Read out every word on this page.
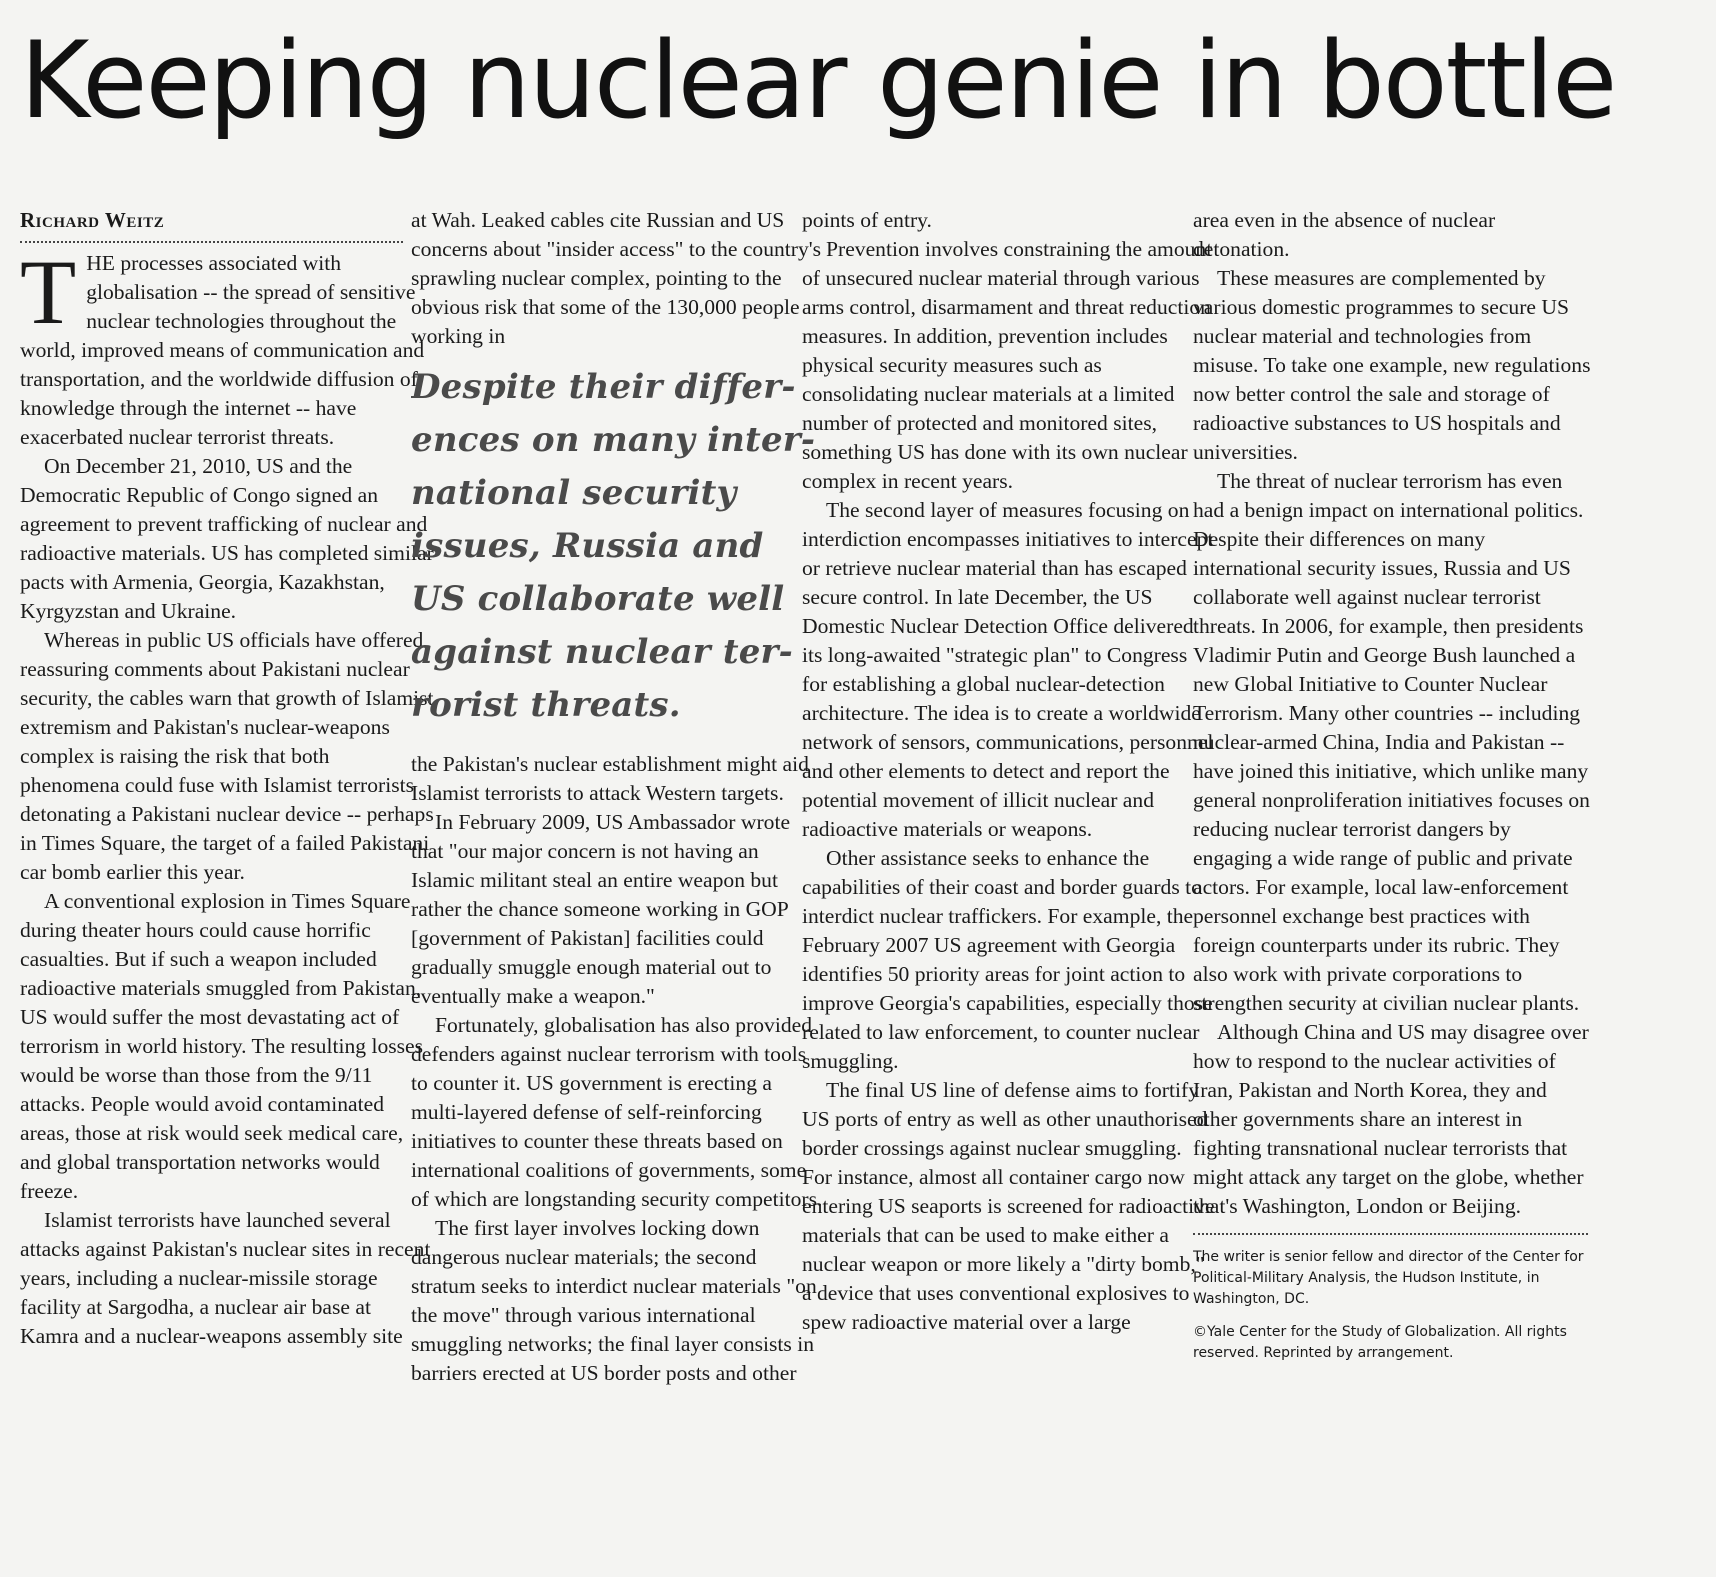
Keeping nuclear genie in bottle
Richard Weitz

THE processes associated with globalisation -- the spread of sensitive nuclear technologies throughout the world, improved means of communication and transportation, and the worldwide diffusion of knowledge through the internet -- have exacerbated nuclear terrorist threats.

On December 21, 2010, US and the Democratic Republic of Congo signed an agreement to prevent trafficking of nuclear and radioactive materials. US has completed similar pacts with Armenia, Georgia, Kazakhstan, Kyrgyzstan and Ukraine.

Whereas in public US officials have offered reassuring comments about Pakistani nuclear security, the cables warn that growth of Islamist extremism and Pakistan's nuclear-weapons complex is raising the risk that both phenomena could fuse with Islamist terrorists detonating a Pakistani nuclear device -- perhaps in Times Square, the target of a failed Pakistani car bomb earlier this year.

A conventional explosion in Times Square during theater hours could cause horrific casualties. But if such a weapon included radioactive materials smuggled from Pakistan, US would suffer the most devastating act of terrorism in world history. The resulting losses would be worse than those from the 9/11 attacks. People would avoid contaminated areas, those at risk would seek medical care, and global transportation networks would freeze.

Islamist terrorists have launched several attacks against Pakistan's nuclear sites in recent years, including a nuclear-missile storage facility at Sargodha, a nuclear air base at Kamra and a nuclear-weapons assembly site

at Wah. Leaked cables cite Russian and US concerns about "insider access" to the country's sprawling nuclear complex, pointing to the obvious risk that some of the 130,000 people working in

Despite their differ-
ences on many inter-
national security
issues, Russia and
US collaborate well
against nuclear ter-
rorist threats.

the Pakistan's nuclear establishment might aid Islamist terrorists to attack Western targets.

In February 2009, US Ambassador wrote that "our major concern is not having an Islamic militant steal an entire weapon but rather the chance someone working in GOP [government of Pakistan] facilities could gradually smuggle enough material out to eventually make a weapon."

Fortunately, globalisation has also provided defenders against nuclear terrorism with tools to counter it. US government is erecting a multi-layered defense of self-reinforcing initiatives to counter these threats based on international coalitions of governments, some of which are longstanding security competitors.

The first layer involves locking down dangerous nuclear materials; the second stratum seeks to interdict nuclear materials "on the move" through various international smuggling networks; the final layer consists in barriers erected at US border posts and other

points of entry.

Prevention involves constraining the amount of unsecured nuclear material through various arms control, disarmament and threat reduction measures. In addition, prevention includes physical security measures such as consolidating nuclear materials at a limited number of protected and monitored sites, something US has done with its own nuclear complex in recent years.

The second layer of measures focusing on interdiction encompasses initiatives to intercept or retrieve nuclear material than has escaped secure control. In late December, the US Domestic Nuclear Detection Office delivered its long-awaited "strategic plan" to Congress for establishing a global nuclear-detection architecture. The idea is to create a worldwide network of sensors, communications, personnel and other elements to detect and report the potential movement of illicit nuclear and radioactive materials or weapons.

Other assistance seeks to enhance the capabilities of their coast and border guards to interdict nuclear traffickers. For example, the February 2007 US agreement with Georgia identifies 50 priority areas for joint action to improve Georgia's capabilities, especially those related to law enforcement, to counter nuclear smuggling.

The final US line of defense aims to fortify US ports of entry as well as other unauthorised border crossings against nuclear smuggling. For instance, almost all container cargo now entering US seaports is screened for radioactive materials that can be used to make either a nuclear weapon or more likely a "dirty bomb," a device that uses conventional explosives to spew radioactive material over a large

area even in the absence of nuclear detonation.

These measures are complemented by various domestic programmes to secure US nuclear material and technologies from misuse. To take one example, new regulations now better control the sale and storage of radioactive substances to US hospitals and universities.

The threat of nuclear terrorism has even had a benign impact on international politics. Despite their differences on many international security issues, Russia and US collaborate well against nuclear terrorist threats. In 2006, for example, then presidents Vladimir Putin and George Bush launched a new Global Initiative to Counter Nuclear Terrorism. Many other countries -- including nuclear-armed China, India and Pakistan -- have joined this initiative, which unlike many general nonproliferation initiatives focuses on reducing nuclear terrorist dangers by engaging a wide range of public and private actors. For example, local law-enforcement personnel exchange best practices with foreign counterparts under its rubric. They also work with private corporations to strengthen security at civilian nuclear plants.

Although China and US may disagree over how to respond to the nuclear activities of Iran, Pakistan and North Korea, they and other governments share an interest in fighting transnational nuclear terrorists that might attack any target on the globe, whether that's Washington, London or Beijing.

The writer is senior fellow and director of the Center for Political-Military Analysis, the Hudson Institute, in Washington, DC.

©Yale Center for the Study of Globalization. All rights reserved. Reprinted by arrangement.
